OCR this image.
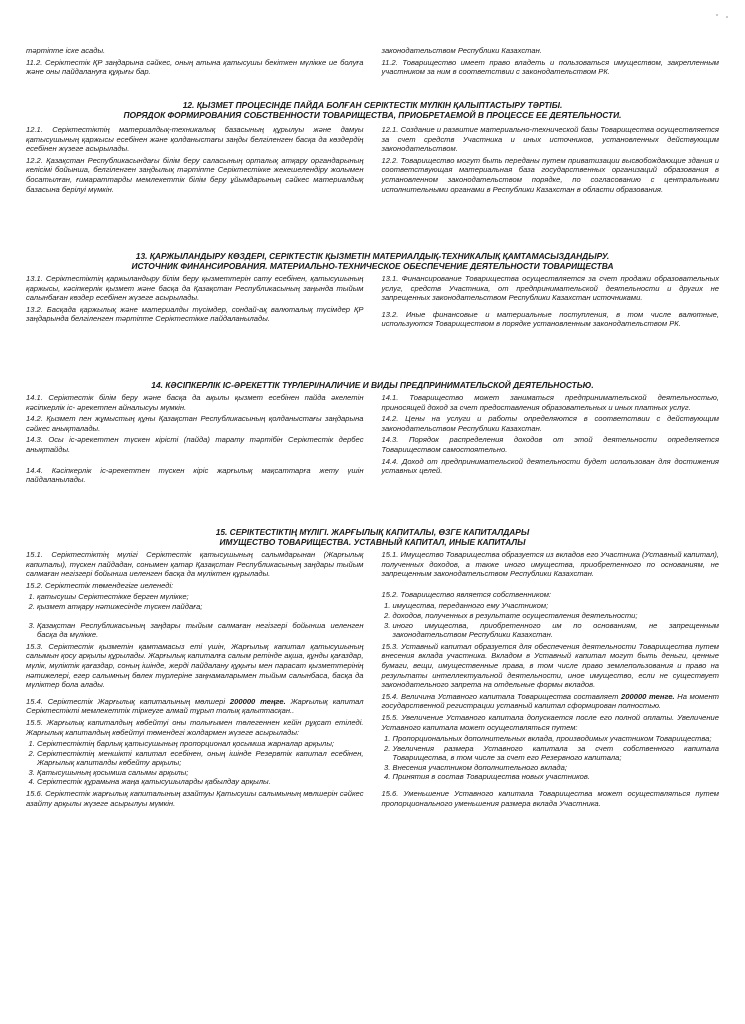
тәртіпте іске асады.

11.2. Серіктестік ҚР заңдарына сәйкес, оның атына қатысушы бекіткен мүлікке ие болуға және оны пайдалануға құқығы бар.

законодательством Республики Казахстан.

11.2. Товарищество имеет право владеть и пользоваться имуществом, закрепленным участником за ним в соответствии с законодательством РК.

12. ҚЫЗМЕТ ПРОЦЕСІНДЕ ПАЙДА БОЛҒАН СЕРІКТЕСТІК МҮЛКІН ҚАЛЫПТАСТЫРУ ТӘРТІБІ.
ПОРЯДОК ФОРМИРОВАНИЯ СОБСТВЕННОСТИ ТОВАРИЩЕСТВА, ПРИОБРЕТАЕМОЙ В ПРОЦЕССЕ ЕЕ ДЕЯТЕЛЬНОСТИ.

12.1. Серіктестіктің материалдық-техникалық базасының құрылуы және дамуы қатысушының қаржысы есебінен және қолданыстағы заңды белгіленген басқа да көздердің есебінен жүзеге асырылады.

12.2. Қазақстан Республикасындағы білім беру саласының орталық атқару органдарының келісімі бойынша, белгіленген заңдылық тәртіпте Серіктестікке жекешелендіру жолымен босатылған, ғимараттарды мемлекеттік білім беру ұйымдарының сәйкес материалдық базасына берілуі мүмкін.

12.1. Создание и развитие материально-технической базы Товарищества осуществляется за счет средств Участника и иных источников, установленных действующим законодательством.

12.2. Товарищество могут быть переданы путем приватизации высвобождающие здания и соответствующая материальная база государственных организаций образования в установленном законодательством порядке, по согласованию с центральными исполнительными органами в Республики Казахстан в области образования.

13. ҚАРЖЫЛАНДЫРУ КӨЗДЕРІ, СЕРІКТЕСТІК ҚЫЗМЕТІН МАТЕРИАЛДЫҚ-ТЕХНИКАЛЫҚ ҚАМТАМАСЫЗДАНДЫРУ.
ИСТОЧНИК ФИНАНСИРОВАНИЯ. МАТЕРИАЛЬНО-ТЕХНИЧЕСКОЕ ОБЕСПЕЧЕНИЕ ДЕЯТЕЛЬНОСТИ ТОВАРИЩЕСТВА

13.1. Серіктестіктің қаржыландыру білім беру қызметтерін сату есебінен, қатысушының қаржысы, кәсіпкерлік қызмет және басқа да Қазақстан Республикасының заңында тыйым салынбаған көздер есебінен жүзеге асырылады.

13.2. Басқада қаржылық және материалды түсімдер, сондай-ақ валюталық түсімдер ҚР заңдарында белгіленген тәртіпте Серіктестікке пайдаланылады.

13.1. Финансирование Товарищества осуществляется за счет продажи образовательных услуг, средств Участника, от предпринимательской деятельности и других не запрещенных законодательством Республики Казахстан источниками.

13.2. Иные финансовые и материальные поступления, в том числе валютные, используются Товариществом в порядке установленным законодательством РК.

14. КӘСІПКЕРЛІК ІС-ӘРЕКЕТТІК ТҮРЛЕРІ/НАЛИЧИЕ И ВИДЫ ПРЕДПРИНИМАТЕЛЬСКОЙ ДЕЯТЕЛЬНОСТЬЮ.

14.1. Серіктестік білім беру және басқа да ақылы қызмет есебінен пайда әкелетін кәсіпкерлік іс- әрекетпен айналысуы мүмкін.

14.2. Қызмет пен жұмыстың құны Қазақстан Республикасының қолданыстағы заңдарына сәйкес анықталады.

14.3. Осы іс-әрекеттен түскен кірісті (пайда) тарату тәртібін Серіктестік дербес анықтайды.

14.4. Кәсіпкерлік іс-әрекеттен түскен кіріс жарғылық мақсаттарға жету үшін пайдаланылады.

14.1. Товарищество может заниматься предпринимательской деятельностью, приносящей доход за счет предоставления образовательных и иных платных услуг.

14.2. Цены на услуги и работы определяются в соответствии с действующим законодательством Республики Казахстан.

14.3. Порядок распределения доходов от этой деятельности определяется Товариществом самостоятельно.

14.4. Доход от предпринимательской деятельности будет использован для достижения уставных целей.

15. СЕРІКТЕСТІКТІҢ МҮЛІГІ. ЖАРҒЫЛЫҚ КАПИТАЛЫ, ӨЗГЕ КАПИТАЛДАРЫ
ИМУЩЕСТВО ТОВАРИЩЕСТВА. УСТАВНЫЙ КАПИТАЛ, ИНЫЕ КАПИТАЛЫ

15.1. Серіктестіктің мүлігі Серіктестік қатысушының салымдарынан (Жарғылық капиталы), түскен пайдадан, сонымен қатар Қазақстан Республикасының заңдары тыйым салмаған негізгері бойынша иеленген басқа да мүліктен құрылады.

15.2. Серіктестік төмендегіге иеленеді:

1. қатысушы Серіктестікке берген мүлікке;
2. қызмет атқару нәтижесінде түскен пайдаға;
3. Қазақстан Республикасының заңдары тыйым салмаған негізгері бойынша иеленген басқа да мүлікке.

15.3. Серіктестік қызметін қамтамасыз еті үшін, Жарғылық капитал қатысушының салымын қосу арқылы құрылады. Жарғылық капиталға салым ретінде ақша, құнды қағаздар, мүлік, мүліктік қағаздар, соның ішінде, жерді пайдалану құқығы мен парасат қызметтерінің нәтижелері, егер салымның бөлек түрлеріне заңнамаларымен тыйым салынбаса, басқа да мүліктер бола алады.

15.4. Серіктестік Жарғылық капиталының мөлшері 200000 теңге. Жарғылық капитал Серіктестікті мемлекеттік тіркеуге алмай тұрып толық қалыптасқан..

15.5. Жарғылық капиталдың көбейтуі оны толығымен төлегеннен кейін рұқсат етіледі. Жарғылық капиталдың көбейтуі төмендегі жолдармен жүзеге асырылады:

1. Серіктестіктің барлық қатысушының пропорционал қосымша жарналар арқылы;
2. Серіктестіктің меншікті капитал есебінен, оның ішінде Резервтік капитал есебінен, Жарғылық капиталды көбейту арқылы;
3. Қатысушының қосымша салымы арқылы;
4. Серіктестік құрамына жаңа қатысушыларды қабылдау арқылы.

15.6. Серіктестік жарғылық капиталының азайтуы Қатысушы салымының мөлшерін сәйкес азайту арқылы жүзеге асырылуы мүмкін.

15.1. Имущество Товарищества образуется из вкладов его Участника (Уставный капитал), полученных доходов, а также иного имущества, приобретенного по основаниям, не запрещенным законодательством Республики Казахстан.

15.2. Товарищество является собственником:

1. имущества, переданного ему Участником;
2. доходов, полученных в результате осуществления деятельности;
3. иного имущества, приобретенного им по основаниям, не запрещенным законодательством Республики Казахстан.

15.3. Уставный капитал образуется для обеспечения деятельности Товарищества путем внесения вклада участника. Вкладом в Уставный капитал могут быть деньги, ценные бумаги, вещи, имущественные права, в том числе право землепользования и право на результаты интеллектуальной деятельности, иное имущество, если не существует законодательного запрета на отдельные формы вкладов.

15.4. Величина Уставного капитала Товарищества составляет 200000 тенге. На момент государственной регистрации уставный капитал сформирован полностью.

15.5. Увеличение Уставного капитала допускается после его полной оплаты. Увеличение Уставного капитала может осуществляться путем:

1. Пропорциональных дополнительных вклада, производимых участником Товарищества;
2. Увеличения размера Уставного капитала за счет собственного капитала Товарищества, в том числе за счет его Резервного капитала;
3. Внесения участником дополнительного вклада;
4. Принятия в состав Товарищества новых участников.

15.6. Уменьшение Уставного капитала Товарищества может осуществляться путем пропорционального уменьшения размера вклада Участника.
